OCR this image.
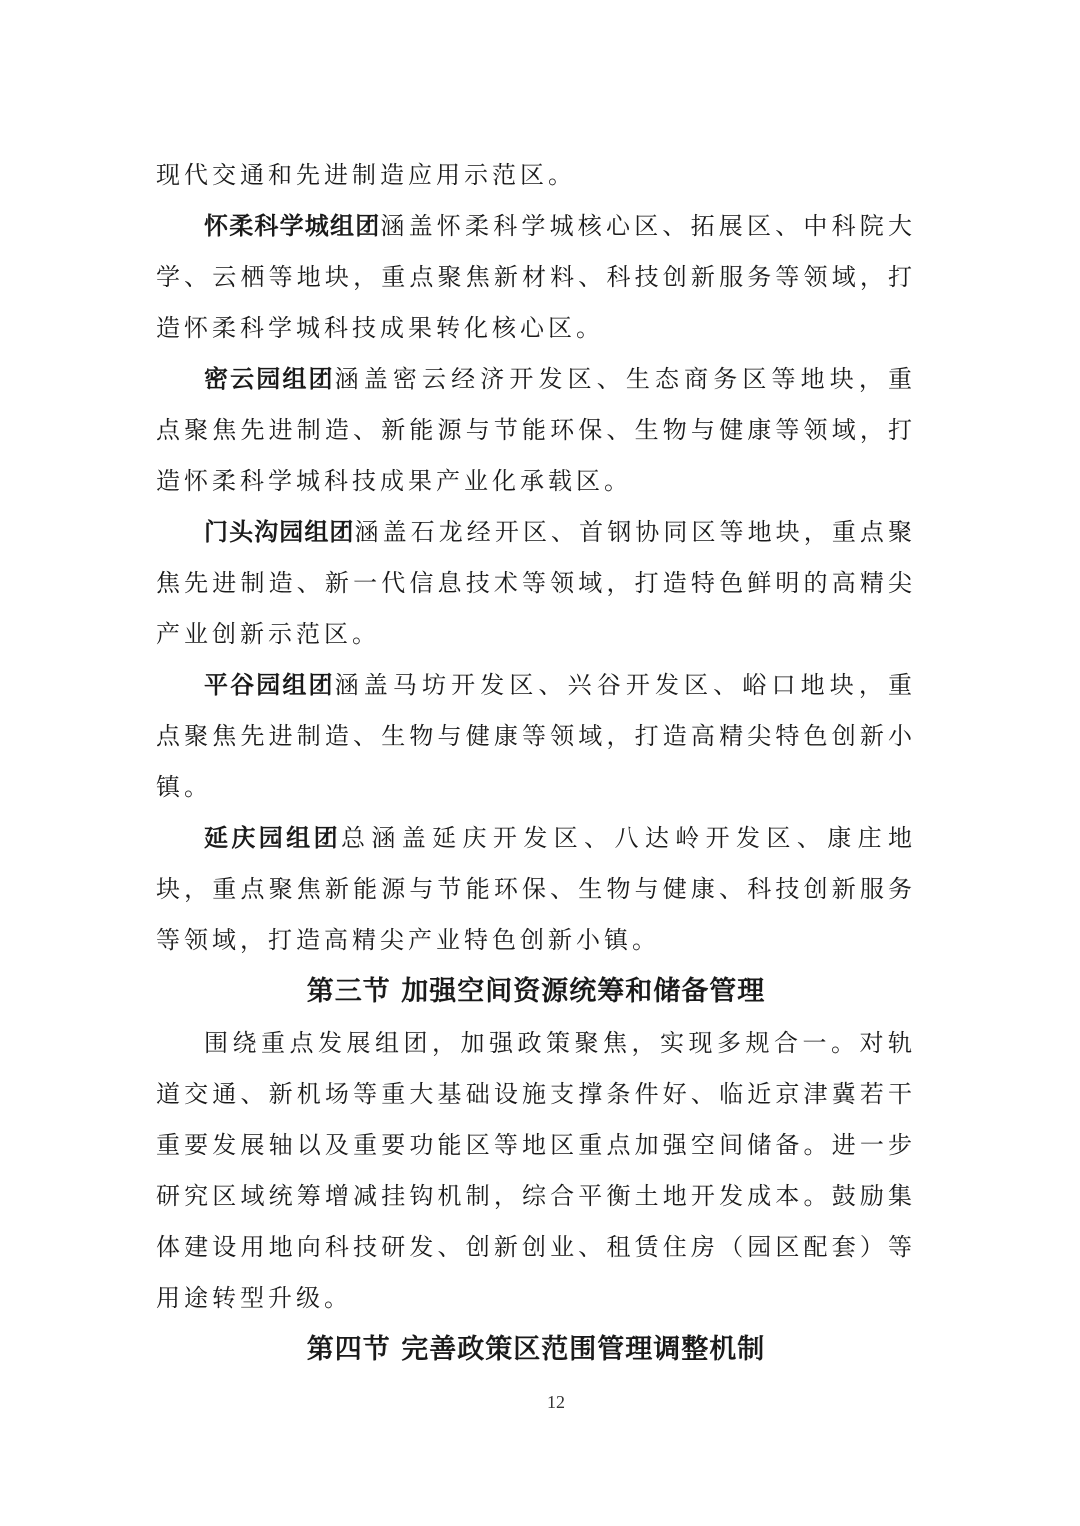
现代交通和先进制造应用示范区。

怀柔科学城组团涵盖怀柔科学城核心区、拓展区、中科院大学、云栖等地块，重点聚焦新材料、科技创新服务等领域，打造怀柔科学城科技成果转化核心区。

密云园组团涵盖密云经济开发区、生态商务区等地块，重点聚焦先进制造、新能源与节能环保、生物与健康等领域，打造怀柔科学城科技成果产业化承载区。

门头沟园组团涵盖石龙经开区、首钢协同区等地块，重点聚焦先进制造、新一代信息技术等领域，打造特色鲜明的高精尖产业创新示范区。

平谷园组团涵盖马坊开发区、兴谷开发区、峪口地块，重点聚焦先进制造、生物与健康等领域，打造高精尖特色创新小镇。

延庆园组团总涵盖延庆开发区、八达岭开发区、康庄地块，重点聚焦新能源与节能环保、生物与健康、科技创新服务等领域，打造高精尖产业特色创新小镇。

第三节 加强空间资源统筹和储备管理

围绕重点发展组团，加强政策聚焦，实现多规合一。对轨道交通、新机场等重大基础设施支撑条件好、临近京津冀若干重要发展轴以及重要功能区等地区重点加强空间储备。进一步研究区域统筹增减挂钩机制，综合平衡土地开发成本。鼓励集体建设用地向科技研发、创新创业、租赁住房（园区配套）等用途转型升级。

第四节 完善政策区范围管理调整机制
12
